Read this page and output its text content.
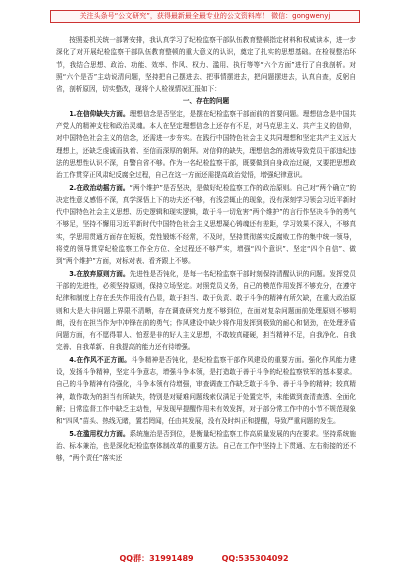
关注头条号“公文研究”，获得最新最全最专业的公文资料库！ 微信：gongwenyj

按照委机关统一部署安排，我认真学习了纪检监察干部队伍教育整顿指定材料和权威读本，进一步深化了对开展纪检监察干部队伍教育整顿的重大意义的认识，奠定了扎实的思想基础。在检视整治环节，我结合思想、政治、功能、效率、作风、权力、滥用、执行等等“六个方面”进行了自我剖析。对照“六个是否”主动说清问题，坚持把自己摆进去、把事情摆进去，把问题摆进去，认真自查，反躬自省，剖析原因，切实整改，现将个人检视情况汇报如下：

一、存在的问题

1.在信仰缺失方面。理想信念是否坚定，是摆在纪检监察干部面前的首要问题。理想信念是中国共产党人的精神支柱和政治灵魂。本人在坚定理想信念上还存有不足，对马克思主义、共产主义的信仰，对中国特色社会主义的信念，还需进一步夯实。在践行中国特色社会主义共同理想和坚定共产主义远大理想上，还缺乏虔诚而执着、至信而深厚的朝拜。对信仰的缺失，理想信念的滑坡导致党员干部违纪违法的思想性认识不深，自警自省不够。作为一名纪检监察干部，既要做到自身政治过硬，又要把思想政治工作贯穿正风肃纪反腐全过程，自己在这一方面还需提高政治觉悟，增强纪律意识。

2.在政治动摇方面。“两个维护”是否坚决，是做好纪检监察工作的政治原则。自己对“两个确立”的决定性意义感悟不深，真学深悟上下的功夫还不够，有浅尝辄止的现象，没有深刻学习领会习近平新时代中国特色社会主义思想、历史逻辑和现实逻辑，敢于斗一切危害“两个维护”的言行作坚决斗争的勇气不够足，坚持不懈用习近平新时代中国特色社会主义思想凝心铸魂还有差距，学习效果不深入，不够真实，学思用贯通方面存在短板，党性锻炼不经常，不及时，坚持贯彻落实反腐败工作的集中统一领导，将党的领导贯穿纪检监察工作全方位、全过程还不够严实，增强“四个意识”、坚定“四个自信”、做到“两个维护”方面，对标对表、看齐跟上不够。

3.在放弃原则方面。先进性是否钝化，是每一名纪检监察干部时刻保持清醒认识的问题。发挥党员干部的先进性，必须坚持原则，保持立场坚定。对照党员义务，自己的模范作用发挥不够充分，在遵守纪律和制度上存在丢失作用没有凸显，敢于担当、敢于负责、敢于斗争的精神有所欠缺，在重大政治原则和大是大非问题上界限不清晰，存在调查研究力度不够到位，在面对复杂问题面前处理原则不够明朗，没有在担当作为中冲锋在前的勇气；作风建设中缺少将作用发挥到极致的耐心和韧劲，在处理矛盾问题方面，有不愿得罪人、怕惹是非的好人主义思想，不敢较真碰硬，担当精神不足，自我净化、自我完善、自我革新、自我提高的能力还有待增强。

4.在作风不正方面。斗争精神是否钝化，是纪检监察干部作风建设的重要方面。强化作风能力建设，发扬斗争精神，坚定斗争意志，增强斗争本领，是打造敢于善于斗争的纪检监察铁军的基本要求。自己的斗争精神有待强化，斗争本领有待增强，审查调查工作缺乏敢于斗争、善于斗争的精神；较真精神，敢作敢为的担当有所缺失，特别是对疑难问题线索仅满足于处置完毕，未能做到查清查透、全面化解；日常监督工作中缺乏主动性，早发现早提醒作用未有效发挥，对于部分常工作中的小节不规范现象和“四风”苗头、热线无睹，置若罔闻，任由其发展，没有及时纠正和提醒，导致严重问题的发生。

5.在滥用权力方面。系统施治是否到位，是衡量纪检监察工作高质量发展的内在要求。坚持系统施治、标本兼治，也是深化纪检监察体制改革的重要方法。自己在工作中坚持上下贯通、左右衔接的还不够，“两个责任”落实还

QQ群：31991489	QQ:535304092
